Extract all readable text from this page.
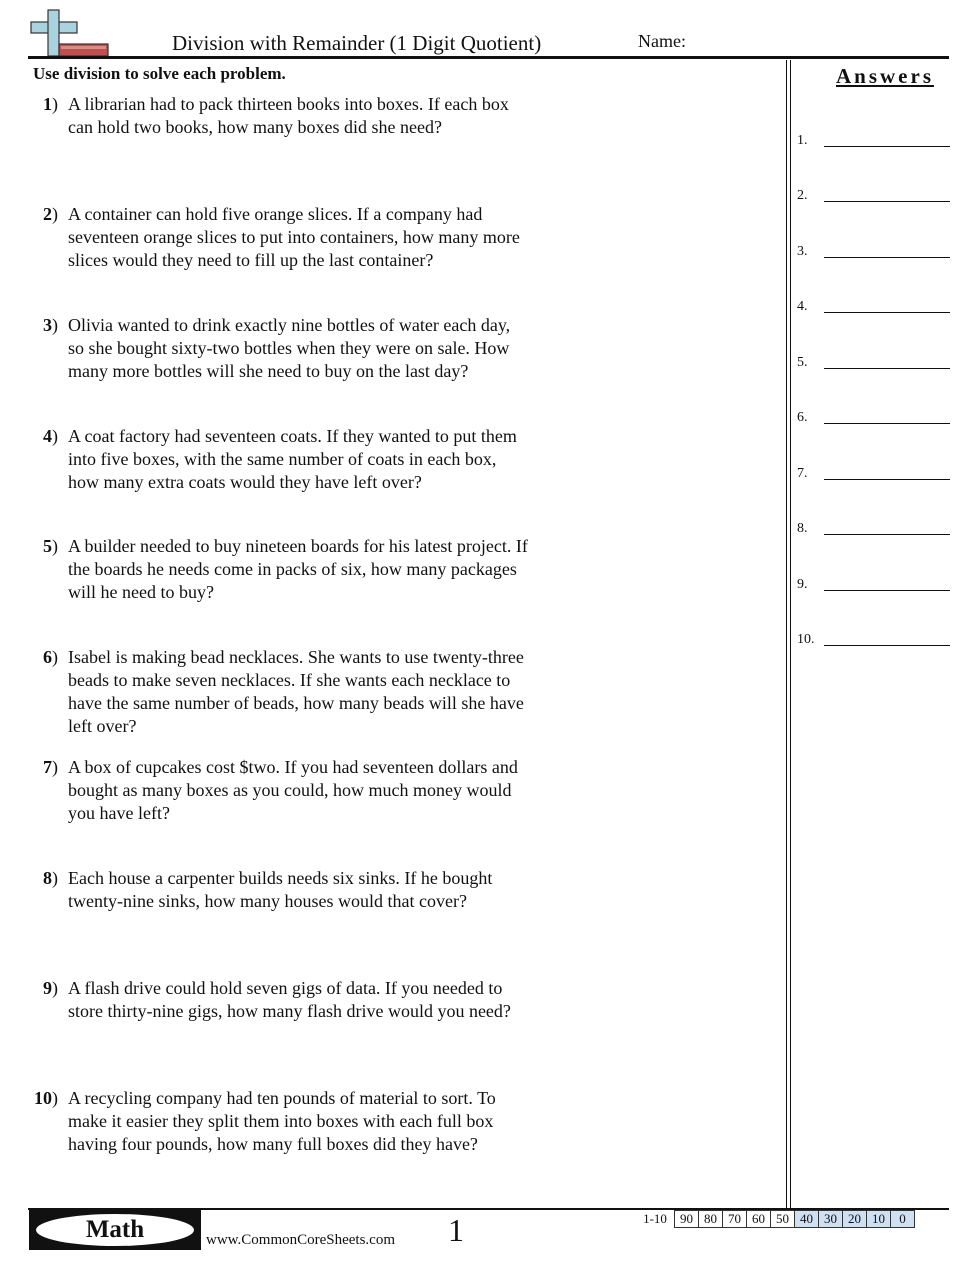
Division with Remainder (1 Digit Quotient)	Name:
Use division to solve each problem.
1) A librarian had to pack thirteen books into boxes. If each box can hold two books, how many boxes did she need?
2) A container can hold five orange slices. If a company had seventeen orange slices to put into containers, how many more slices would they need to fill up the last container?
3) Olivia wanted to drink exactly nine bottles of water each day, so she bought sixty-two bottles when they were on sale. How many more bottles will she need to buy on the last day?
4) A coat factory had seventeen coats. If they wanted to put them into five boxes, with the same number of coats in each box, how many extra coats would they have left over?
5) A builder needed to buy nineteen boards for his latest project. If the boards he needs come in packs of six, how many packages will he need to buy?
6) Isabel is making bead necklaces. She wants to use twenty-three beads to make seven necklaces. If she wants each necklace to have the same number of beads, how many beads will she have left over?
7) A box of cupcakes cost $two. If you had seventeen dollars and bought as many boxes as you could, how much money would you have left?
8) Each house a carpenter builds needs six sinks. If he bought twenty-nine sinks, how many houses would that cover?
9) A flash drive could hold seven gigs of data. If you needed to store thirty-nine gigs, how many flash drive would you need?
10) A recycling company had ten pounds of material to sort. To make it easier they split them into boxes with each full box having four pounds, how many full boxes did they have?
Answers
1.
2.
3.
4.
5.
6.
7.
8.
9.
10.
Math	www.CommonCoreSheets.com 1	1-10	90	80	70	60	50	40	30	20	10	0
